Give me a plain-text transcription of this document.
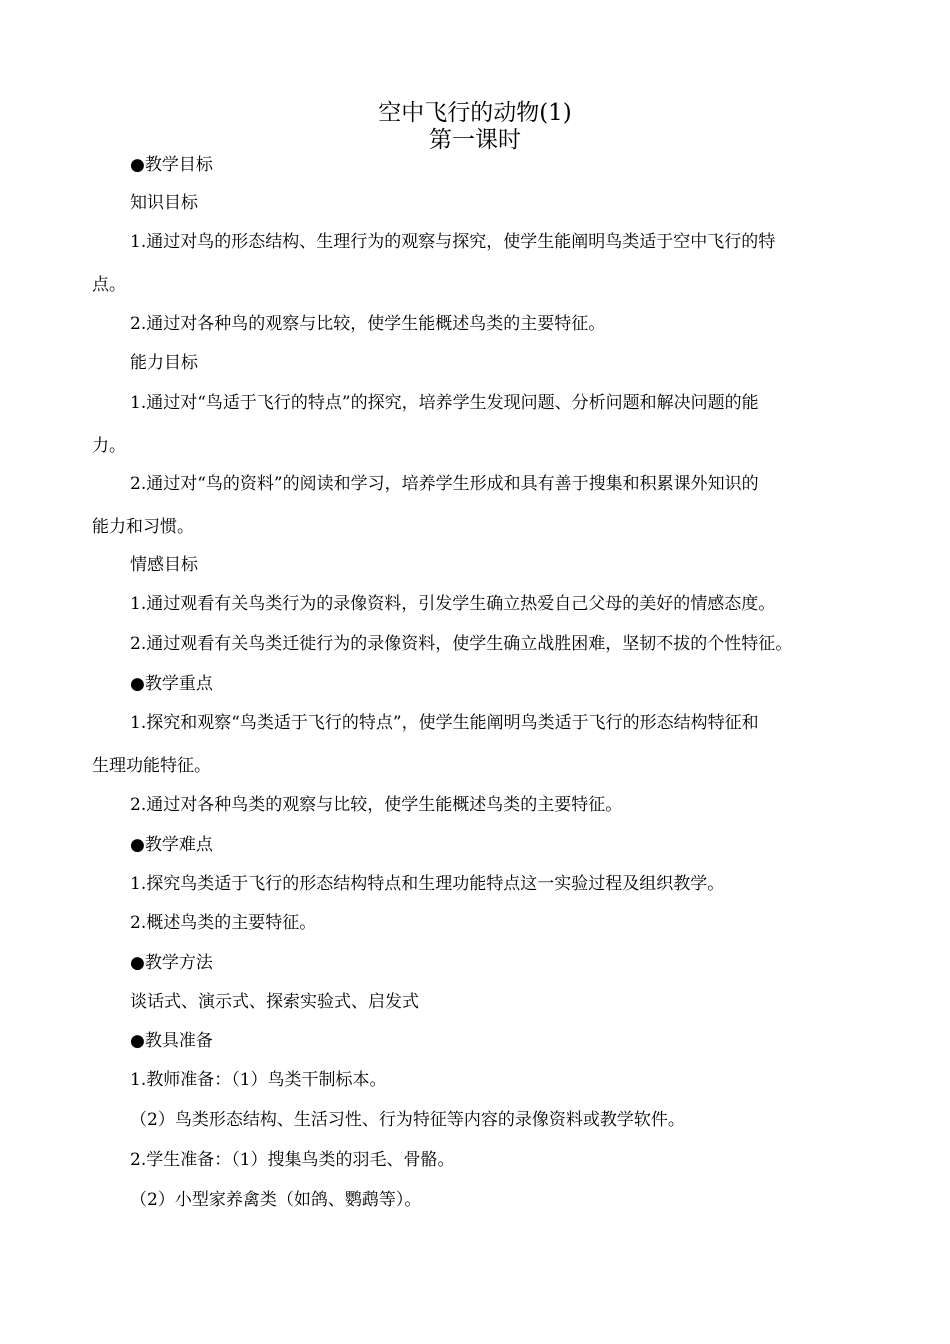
空中飞行的动物(1)
第一课时
●教学目标
知识目标
1.通过对鸟的形态结构、生理行为的观察与探究，使学生能阐明鸟类适于空中飞行的特
点。
2.通过对各种鸟的观察与比较，使学生能概述鸟类的主要特征。
能力目标
1.通过对“鸟适于飞行的特点”的探究，培养学生发现问题、分析问题和解决问题的能
力。
2.通过对“鸟的资料”的阅读和学习，培养学生形成和具有善于搜集和积累课外知识的
能力和习惯。
情感目标
1.通过观看有关鸟类行为的录像资料，引发学生确立热爱自己父母的美好的情感态度。
2.通过观看有关鸟类迁徙行为的录像资料，使学生确立战胜困难，坚韧不拔的个性特征。
●教学重点
1.探究和观察“鸟类适于飞行的特点”，使学生能阐明鸟类适于飞行的形态结构特征和
生理功能特征。
2.通过对各种鸟类的观察与比较，使学生能概述鸟类的主要特征。
●教学难点
1.探究鸟类适于飞行的形态结构特点和生理功能特点这一实验过程及组织教学。
2.概述鸟类的主要特征。
●教学方法
谈话式、演示式、探索实验式、启发式
●教具准备
1.教师准备：（1）鸟类干制标本。
（2）鸟类形态结构、生活习性、行为特征等内容的录像资料或教学软件。
2.学生准备：（1）搜集鸟类的羽毛、骨骼。
（2）小型家养禽类（如鸽、鹦鹉等）。
